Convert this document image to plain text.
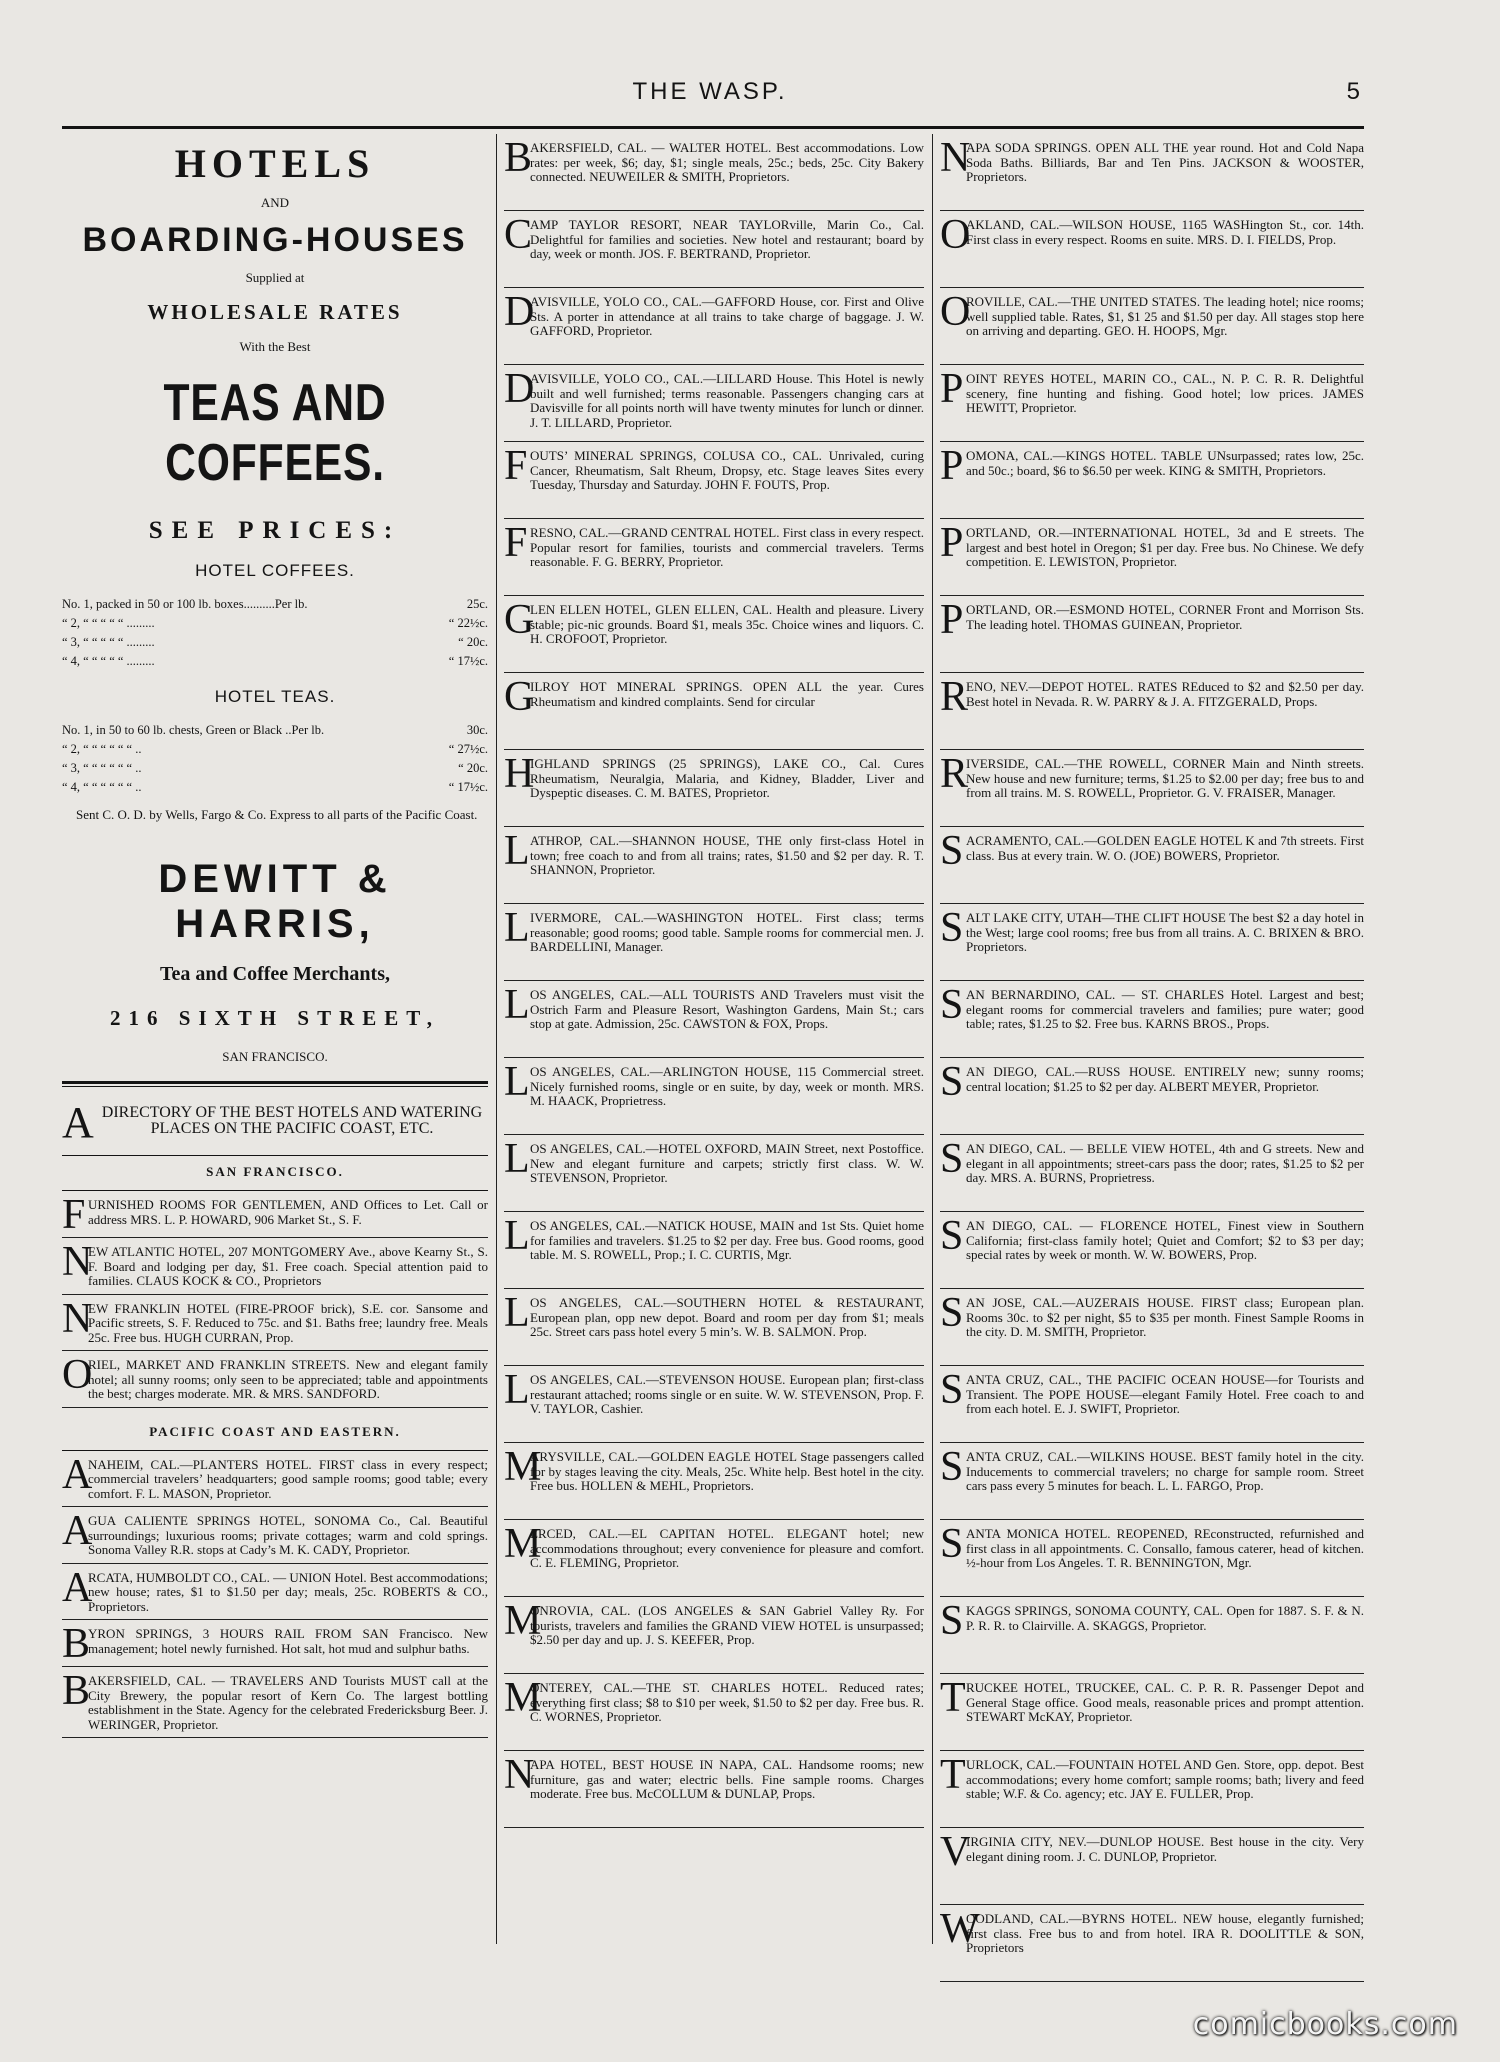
THE WASP.	5
HOTELS
AND
BOARDING-HOUSES
Supplied at
WHOLESALE RATES
With the Best
TEAS AND COFFEES.
SEE PRICES:
HOTEL COFFEES.
No. 1, packed in 50 or 100 lb. boxes..........Per lb.	25c.
“ 2, “ “ “ “ “ .........	“ 22½c.
“ 3, “ “ “ “ “ .........	“ 20c.
“ 4, “ “ “ “ “ .........	“ 17½c.
HOTEL TEAS.
No. 1, in 50 to 60 lb. chests, Green or Black ..Per lb.	30c.
“ 2, “ “ “ “ “ “ ..	“ 27½c.
“ 3, “ “ “ “ “ “ ..	“ 20c.
“ 4, “ “ “ “ “ “ ..	“ 17½c.
Sent C. O. D. by Wells, Fargo & Co. Express to all parts of the Pacific Coast.
DEWITT & HARRIS,
Tea and Coffee Merchants,
216 SIXTH STREET,
SAN FRANCISCO.
A DIRECTORY OF THE BEST HOTELS AND WATERING PLACES ON THE PACIFIC COAST, ETC.
SAN FRANCISCO.
F URNISHED ROOMS FOR GENTLEMEN, AND Offices to Let. Call or address MRS. L. P. HOWARD, 906 Market St., S. F.
N
EW ATLANTIC HOTEL, 207 MONTGOMERY Ave., above Kearny St., S. F. Board and lodging per day, $1. Free coach. Special attention paid to families. CLAUS KOCK & CO., Proprietors
N
EW FRANKLIN HOTEL (FIRE-PROOF brick), S.E. cor. Sansome and Pacific streets, S. F. Reduced to 75c. and $1. Baths free; laundry free. Meals 25c. Free bus. HUGH CURRAN, Prop.
O
RIEL, MARKET AND FRANKLIN STREETS. New and elegant family hotel; all sunny rooms; only seen to be appreciated; table and appointments the best; charges moderate. MR. & MRS. SANDFORD.
PACIFIC COAST AND EASTERN.
A
NAHEIM, CAL.—PLANTERS HOTEL. FIRST class in every respect; commercial travelers’ headquarters; good sample rooms; good table; every comfort. F. L. MASON, Proprietor.
A
GUA CALIENTE SPRINGS HOTEL, SONOMA Co., Cal. Beautiful surroundings; luxurious rooms; private cottages; warm and cold springs. Sonoma Valley R.R. stops at Cady’s M. K. CADY, Proprietor.
A
RCATA, HUMBOLDT CO., CAL. — UNION Hotel. Best accommodations; new house; rates, $1 to $1.50 per day; meals, 25c. ROBERTS & CO., Proprietors.
B
YRON SPRINGS, 3 HOURS RAIL FROM SAN Francisco. New management; hotel newly furnished. Hot salt, hot mud and sulphur baths.
B
AKERSFIELD, CAL. — TRAVELERS AND Tourists MUST call at the City Brewery, the popular resort of Kern Co. The largest bottling establishment in the State. Agency for the celebrated Fredericksburg Beer. J. WERINGER, Proprietor.
B
AKERSFIELD, CAL. — WALTER HOTEL. Best accommodations. Low rates: per week, $6; day, $1; single meals, 25c.; beds, 25c. City Bakery connected. NEUWEILER & SMITH, Proprietors.
C
AMP TAYLOR RESORT, NEAR TAYLORville, Marin Co., Cal. Delightful for families and societies. New hotel and restaurant; board by day, week or month. JOS. F. BERTRAND, Proprietor.
D
AVISVILLE, YOLO CO., CAL.—GAFFORD House, cor. First and Olive Sts. A porter in attendance at all trains to take charge of baggage. J. W. GAFFORD, Proprietor.
D
AVISVILLE, YOLO CO., CAL.—LILLARD House. This Hotel is newly built and well furnished; terms reasonable. Passengers changing cars at Davisville for all points north will have twenty minutes for lunch or dinner. J. T. LILLARD, Proprietor.
F OUTS’ MINERAL SPRINGS, COLUSA CO., CAL. Unrivaled, curing Cancer, Rheumatism, Salt Rheum, Dropsy, etc. Stage leaves Sites every Tuesday, Thursday and Saturday. JOHN F. FOUTS, Prop.
F RESNO, CAL.—GRAND CENTRAL HOTEL. First class in every respect. Popular resort for families, tourists and commercial travelers. Terms reasonable. F. G. BERRY, Proprietor.
G
LEN ELLEN HOTEL, GLEN ELLEN, CAL. Health and pleasure. Livery stable; pic-nic grounds. Board $1, meals 35c. Choice wines and liquors. C. H. CROFOOT, Proprietor.
G
ILROY HOT MINERAL SPRINGS. OPEN ALL the year. Cures Rheumatism and kindred complaints. Send for circular
H
IGHLAND SPRINGS (25 SPRINGS), LAKE CO., Cal. Cures Rheumatism, Neuralgia, Malaria, and Kidney, Bladder, Liver and Dyspeptic diseases. C. M. BATES, Proprietor.
L ATHROP, CAL.—SHANNON HOUSE, THE only first-class Hotel in town; free coach to and from all trains; rates, $1.50 and $2 per day. R. T. SHANNON, Proprietor.
L IVERMORE, CAL.—WASHINGTON HOTEL. First class; terms reasonable; good rooms; good table. Sample rooms for commercial men. J. BARDELLINI, Manager.
L OS ANGELES, CAL.—ALL TOURISTS AND Travelers must visit the Ostrich Farm and Pleasure Resort, Washington Gardens, Main St.; cars stop at gate. Admission, 25c. CAWSTON & FOX, Props.
L OS ANGELES, CAL.—ARLINGTON HOUSE, 115 Commercial street. Nicely furnished rooms, single or en suite, by day, week or month. MRS. M. HAACK, Proprietress.
L OS ANGELES, CAL.—HOTEL OXFORD, MAIN Street, next Postoffice. New and elegant furniture and carpets; strictly first class. W. W. STEVENSON, Proprietor.
L OS ANGELES, CAL.—NATICK HOUSE, MAIN and 1st Sts. Quiet home for families and travelers. $1.25 to $2 per day. Free bus. Good rooms, good table. M. S. ROWELL, Prop.; I. C. CURTIS, Mgr.
L OS ANGELES, CAL.—SOUTHERN HOTEL & RESTAURANT, European plan, opp new depot. Board and room per day from $1; meals 25c. Street cars pass hotel every 5 min’s. W. B. SALMON. Prop.
L OS ANGELES, CAL.—STEVENSON HOUSE. European plan; first-class restaurant attached; rooms single or en suite. W. W. STEVENSON, Prop. F. V. TAYLOR, Cashier.
M
ARYSVILLE, CAL.—GOLDEN EAGLE HOTEL Stage passengers called for by stages leaving the city. Meals, 25c. White help. Best hotel in the city. Free bus. HOLLEN & MEHL, Proprietors.
M
ERCED, CAL.—EL CAPITAN HOTEL. ELEGANT hotel; new accommodations throughout; every convenience for pleasure and comfort. C. E. FLEMING, Proprietor.
M
ONROVIA, CAL. (LOS ANGELES & SAN Gabriel Valley Ry. For tourists, travelers and families the GRAND VIEW HOTEL is unsurpassed; $2.50 per day and up. J. S. KEEFER, Prop.
M
ONTEREY, CAL.—THE ST. CHARLES HOTEL. Reduced rates; everything first class; $8 to $10 per week, $1.50 to $2 per day. Free bus. R. C. WORNES, Proprietor.
N
APA HOTEL, BEST HOUSE IN NAPA, CAL. Handsome rooms; new furniture, gas and water; electric bells. Fine sample rooms. Charges moderate. Free bus. McCOLLUM & DUNLAP, Props.
N
APA SODA SPRINGS. OPEN ALL THE year round. Hot and Cold Napa Soda Baths. Billiards, Bar and Ten Pins. JACKSON & WOOSTER, Proprietors.
O
AKLAND, CAL.—WILSON HOUSE, 1165 WASHington St., cor. 14th. First class in every respect. Rooms en suite. MRS. D. I. FIELDS, Prop.
O
ROVILLE, CAL.—THE UNITED STATES. The leading hotel; nice rooms; well supplied table. Rates, $1, $1 25 and $1.50 per day. All stages stop here on arriving and departing. GEO. H. HOOPS, Mgr.
P OINT REYES HOTEL, MARIN CO., CAL., N. P. C. R. R. Delightful scenery, fine hunting and fishing. Good hotel; low prices. JAMES HEWITT, Proprietor.
P OMONA, CAL.—KINGS HOTEL. TABLE UNsurpassed; rates low, 25c. and 50c.; board, $6 to $6.50 per week. KING & SMITH, Proprietors.
P ORTLAND, OR.—INTERNATIONAL HOTEL, 3d and E streets. The largest and best hotel in Oregon; $1 per day. Free bus. No Chinese. We defy competition. E. LEWISTON, Proprietor.
P ORTLAND, OR.—ESMOND HOTEL, CORNER Front and Morrison Sts. The leading hotel. THOMAS GUINEAN, Proprietor.
R
ENO, NEV.—DEPOT HOTEL. RATES REduced to $2 and $2.50 per day. Best hotel in Nevada. R. W. PARRY & J. A. FITZGERALD, Props.
R
IVERSIDE, CAL.—THE ROWELL, CORNER Main and Ninth streets. New house and new furniture; terms, $1.25 to $2.00 per day; free bus to and from all trains. M. S. ROWELL, Proprietor. G. V. FRAISER, Manager.
S ACRAMENTO, CAL.—GOLDEN EAGLE HOTEL K and 7th streets. First class. Bus at every train. W. O. (JOE) BOWERS, Proprietor.
S ALT LAKE CITY, UTAH—THE CLIFT HOUSE The best $2 a day hotel in the West; large cool rooms; free bus from all trains. A. C. BRIXEN & BRO. Proprietors.
S AN BERNARDINO, CAL. — ST. CHARLES Hotel. Largest and best; elegant rooms for commercial travelers and families; pure water; good table; rates, $1.25 to $2. Free bus. KARNS BROS., Props.
S AN DIEGO, CAL.—RUSS HOUSE. ENTIRELY new; sunny rooms; central location; $1.25 to $2 per day. ALBERT MEYER, Proprietor.
S AN DIEGO, CAL. — BELLE VIEW HOTEL, 4th and G streets. New and elegant in all appointments; street-cars pass the door; rates, $1.25 to $2 per day. MRS. A. BURNS, Proprietress.
S AN DIEGO, CAL. — FLORENCE HOTEL, Finest view in Southern California; first-class family hotel; Quiet and Comfort; $2 to $3 per day; special rates by week or month. W. W. BOWERS, Prop.
S AN JOSE, CAL.—AUZERAIS HOUSE. FIRST class; European plan. Rooms 30c. to $2 per night, $5 to $35 per month. Finest Sample Rooms in the city. D. M. SMITH, Proprietor.
S ANTA CRUZ, CAL., THE PACIFIC OCEAN HOUSE—for Tourists and Transient. The POPE HOUSE—elegant Family Hotel. Free coach to and from each hotel. E. J. SWIFT, Proprietor.
S ANTA CRUZ, CAL.—WILKINS HOUSE. BEST family hotel in the city. Inducements to commercial travelers; no charge for sample room. Street cars pass every 5 minutes for beach. L. L. FARGO, Prop.
S ANTA MONICA HOTEL. REOPENED, REconstructed, refurnished and first class in all appointments. C. Consallo, famous caterer, head of kitchen. ½-hour from Los Angeles. T. R. BENNINGTON, Mgr.
S KAGGS SPRINGS, SONOMA COUNTY, CAL. Open for 1887. S. F. & N. P. R. R. to Clairville. A. SKAGGS, Proprietor.
T RUCKEE HOTEL, TRUCKEE, CAL. C. P. R. R. Passenger Depot and General Stage office. Good meals, reasonable prices and prompt attention. STEWART McKAY, Proprietor.
T URLOCK, CAL.—FOUNTAIN HOTEL AND Gen. Store, opp. depot. Best accommodations; every home comfort; sample rooms; bath; livery and feed stable; W.F. & Co. agency; etc. JAY E. FULLER, Prop.
V
IRGINIA CITY, NEV.—DUNLOP HOUSE. Best house in the city. Very elegant dining room. J. C. DUNLOP, Proprietor.
W
OODLAND, CAL.—BYRNS HOTEL. NEW house, elegantly furnished; first class. Free bus to and from hotel. IRA R. DOOLITTLE & SON, Proprietors
comicbooks.com
